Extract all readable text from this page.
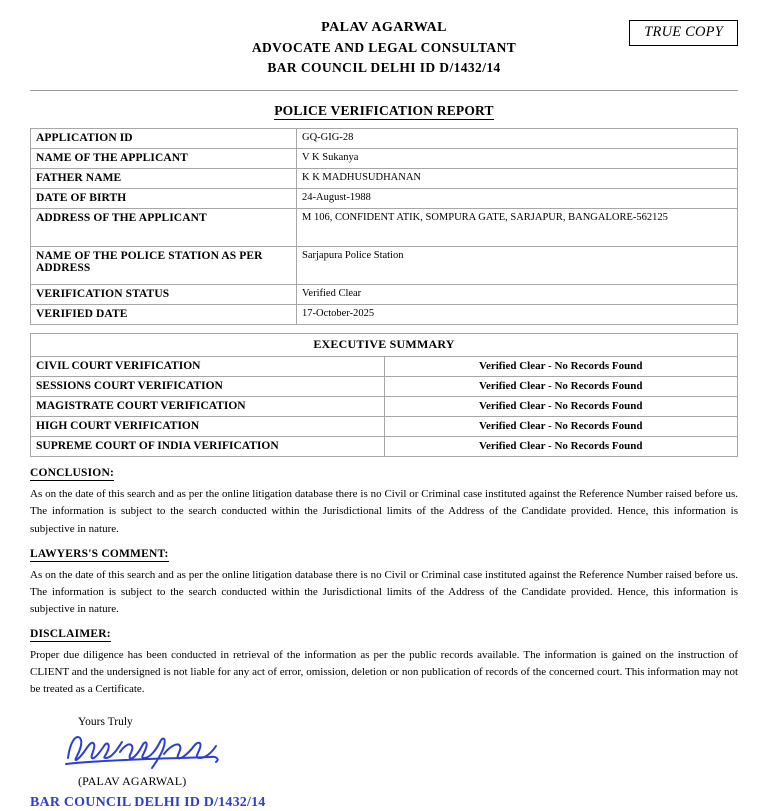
TRUE COPY
PALAV AGARWAL
ADVOCATE AND LEGAL CONSULTANT
BAR COUNCIL DELHI ID D/1432/14
POLICE VERIFICATION REPORT
APPLICATION ID	GQ-GIG-28
NAME OF THE APPLICANT	V K Sukanya
FATHER NAME	K K MADHUSUDHANAN
DATE OF BIRTH	24-August-1988
ADDRESS OF THE APPLICANT	M 106, CONFIDENT ATIK, SOMPURA GATE, SARJAPUR, BANGALORE-562125
NAME OF THE POLICE STATION AS PER ADDRESS	Sarjapura Police Station
VERIFICATION STATUS	Verified Clear
VERIFIED DATE	17-October-2025
EXECUTIVE SUMMARY	
CIVIL COURT VERIFICATION	Verified Clear - No Records Found
SESSIONS COURT VERIFICATION	Verified Clear - No Records Found
MAGISTRATE COURT VERIFICATION	Verified Clear - No Records Found
HIGH COURT VERIFICATION	Verified Clear - No Records Found
SUPREME COURT OF INDIA VERIFICATION	Verified Clear - No Records Found
CONCLUSION:
As on the date of this search and as per the online litigation database there is no Civil or Criminal case instituted against the Reference Number raised before us. The information is subject to the search conducted within the Jurisdictional limits of the Address of the Candidate provided. Hence, this information is subjective in nature.
LAWYERS'S COMMENT:
As on the date of this search and as per the online litigation database there is no Civil or Criminal case instituted against the Reference Number raised before us. The information is subject to the search conducted within the Jurisdictional limits of the Address of the Candidate provided. Hence, this information is subjective in nature.
DISCLAIMER:
Proper due diligence has been conducted in retrieval of the information as per the public records available. The information is gained on the instruction of CLIENT and the undersigned is not liable for any act of error, omission, deletion or non publication of records of the concerned court. This information may not be treated as a Certificate.
Yours Truly
(PALAV AGARWAL)
BAR COUNCIL DELHI ID D/1432/14
